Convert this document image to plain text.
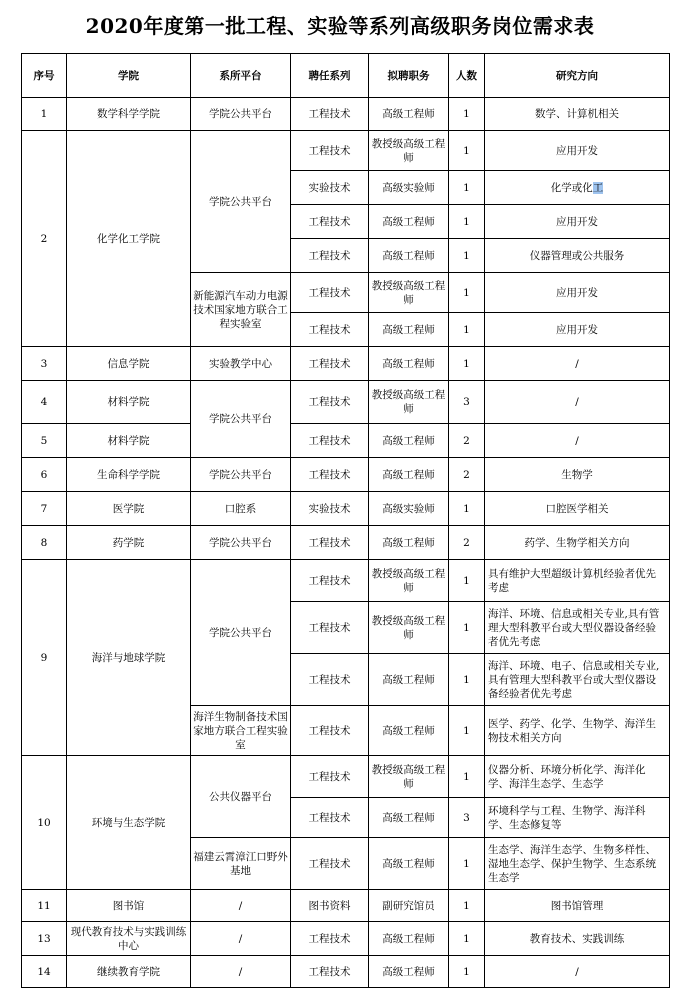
2020年度第一批工程、实验等系列高级职务岗位需求表
序号	学院	系所平台	聘任系列	拟聘职务	人数	研究方向
1	数学科学学院	学院公共平台	工程技术	高级工程师	1	数学、计算机相关
2	化学化工学院	学院公共平台	工程技术	教授级高级工程师	1	应用开发
			实验技术	高级实验师	1	化学或化工
			工程技术	高级工程师	1	应用开发
			工程技术	高级工程师	1	仪器管理或公共服务
		新能源汽车动力电源技术国家地方联合工程实验室	工程技术	教授级高级工程师	1	应用开发
			工程技术	高级工程师	1	应用开发
3	信息学院	实验教学中心	工程技术	高级工程师	1	/
4	材料学院	学院公共平台	工程技术	教授级高级工程师	3	/
5	材料学院		工程技术	高级工程师	2	/
6	生命科学学院	学院公共平台	工程技术	高级工程师	2	生物学
7	医学院	口腔系	实验技术	高级实验师	1	口腔医学相关
8	药学院	学院公共平台	工程技术	高级工程师	2	药学、生物学相关方向
9	海洋与地球学院	学院公共平台	工程技术	教授级高级工程师	1	具有维护大型超级计算机经验者优先考虑
			工程技术	教授级高级工程师	1	海洋、环境、信息或相关专业,具有管理大型科教平台或大型仪器设备经验者优先考虑
			工程技术	高级工程师	1	海洋、环境、电子、信息或相关专业,具有管理大型科教平台或大型仪器设备经验者优先考虑
		海洋生物制备技术国家地方联合工程实验室	工程技术	高级工程师	1	医学、药学、化学、生物学、海洋生物技术相关方向
10	环境与生态学院	公共仪器平台	工程技术	教授级高级工程师	1	仪器分析、环境分析化学、海洋化学、海洋生态学、生态学
			工程技术	高级工程师	3	环境科学与工程、生物学、海洋科学、生态修复等
		福建云霄漳江口野外基地	工程技术	高级工程师	1	生态学、海洋生态学、生物多样性、湿地生态学、保护生物学、生态系统生态学
11	图书馆	/	图书资料	副研究馆员	1	图书馆管理
13	现代教育技术与实践训练中心	/	工程技术	高级工程师	1	教育技术、实践训练
14	继续教育学院	/	工程技术	高级工程师	1	/
